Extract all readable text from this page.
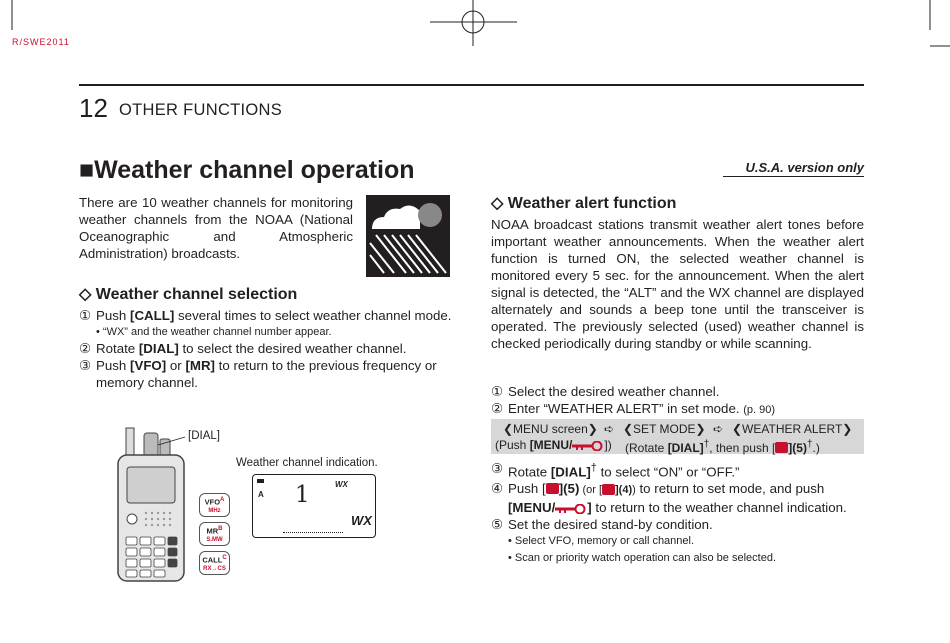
R/SWE2011
12 OTHER FUNCTIONS
■Weather channel operation	U.S.A. version only
There are 10 weather channels for monitoring weather channels from the NOAA (National Oceanographic and Atmospheric Administration) broadcasts.
◇ Weather channel selection
① Push [CALL] several times to select weather channel mode.
• “WX” and the weather channel number appear.
② Rotate [DIAL] to select the desired weather channel.
③ Push [VFO] or [MR] to return to the previous frequency or memory channel.
[DIAL]
$VFO^A$
MHz
$MR^B$
S.MW
$CALL^C$
RX→CS
Weather channel indication.
A 1	WX
WX
◇ Weather alert function
NOAA broadcast stations transmit weather alert tones before important weather announcements. When the weather alert function is turned ON, the selected weather channel is monitored every 5 sec. for the announcement. When the alert signal is detected, the “ALT” and the WX channel are displayed alternately and sounds a beep tone until the transceiver is operated. The previously selected (used) weather channel is checked periodically during standby or while scanning.
① Select the desired weather channel.
② Enter “WEATHER ALERT” in set mode. (p. 90)
❮MENU screen❯ ➪ ❮SET MODE❯ ➪ ❮WEATHER ALERT❯
(Push [MENU/	]) (Rotate [DIAL]†, then push [ ](5)†.)
③ Rotate [DIAL]† to select “ON” or “OFF.”
④ Push [ ](5) (or [ ](4)) to return to set mode, and push
[MENU/ ] to return to the weather channel indication.
⑤ Set the desired stand-by condition.
• Select VFO, memory or call channel.
• Scan or priority watch operation can also be selected.
